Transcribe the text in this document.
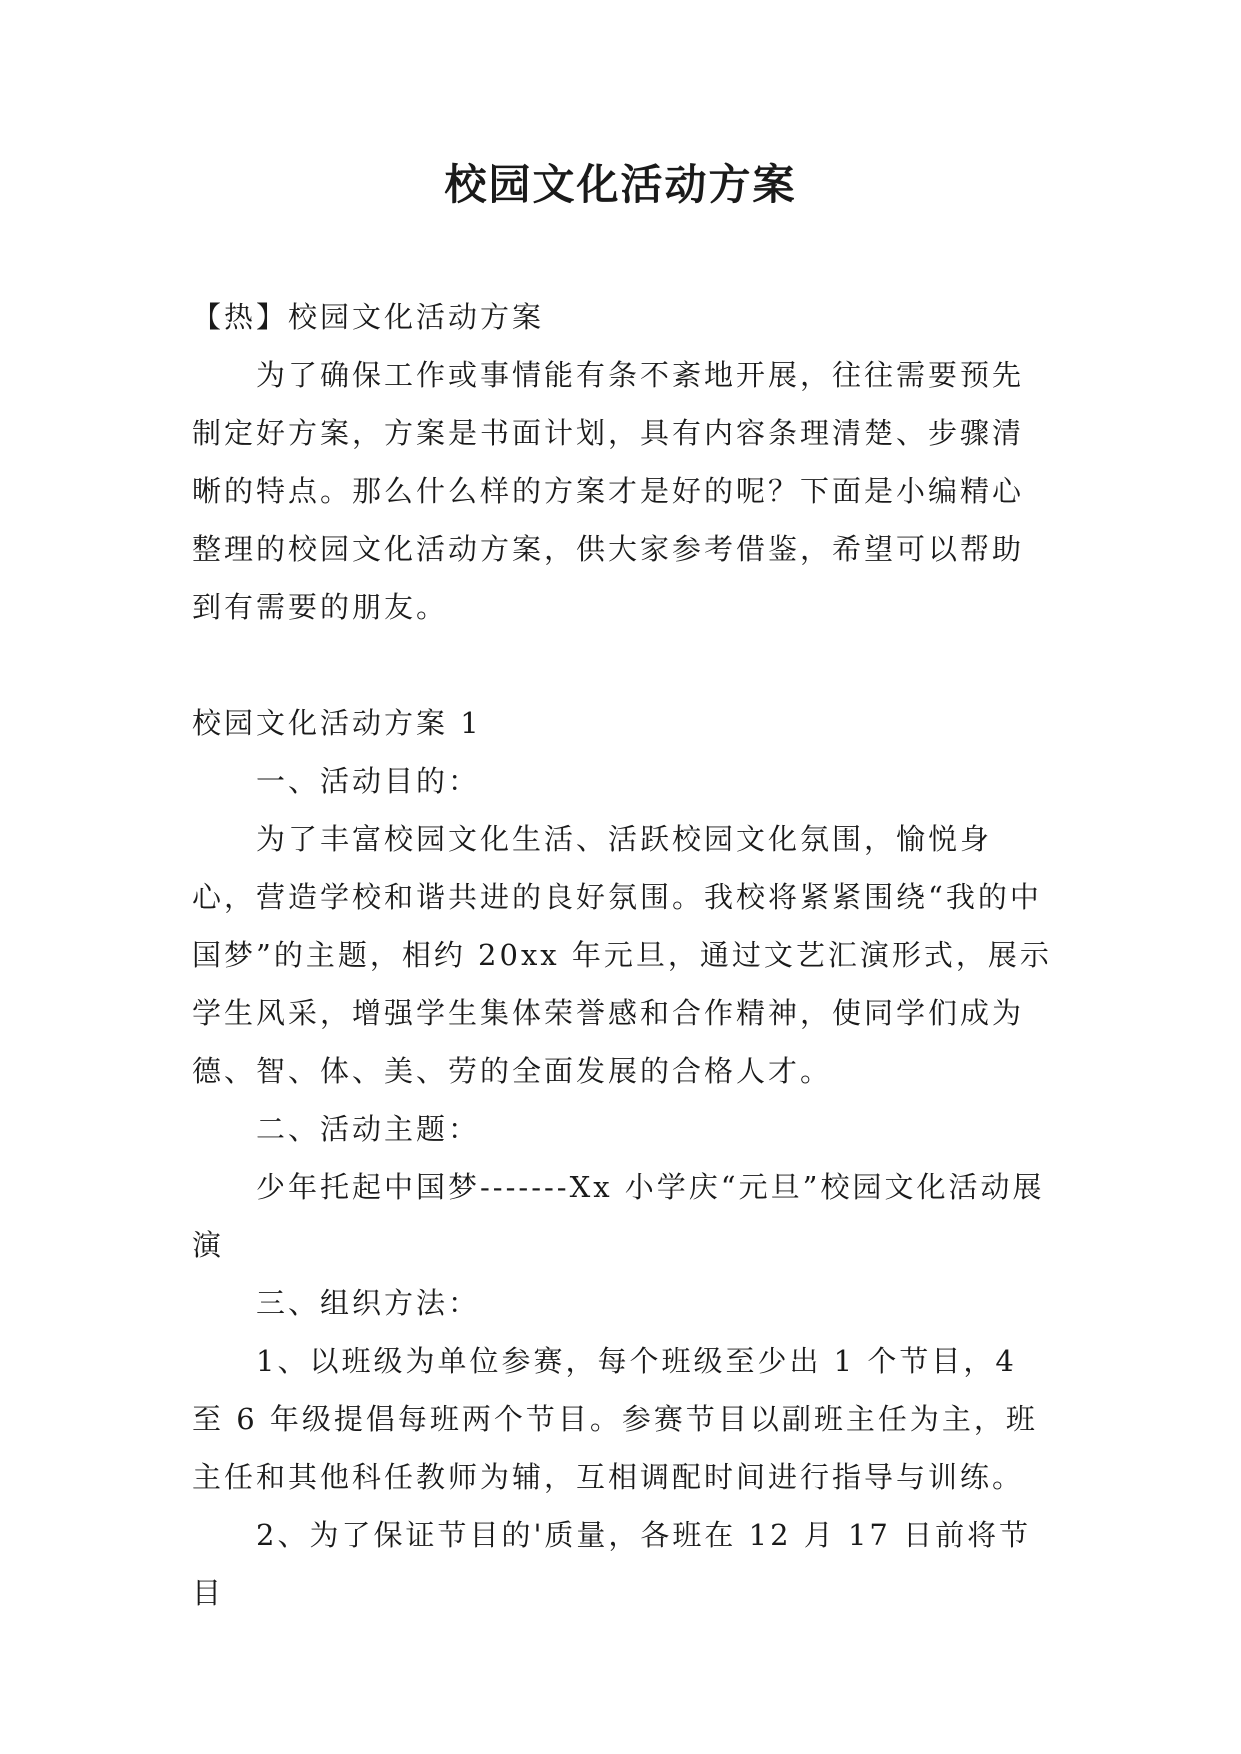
校园文化活动方案

【热】校园文化活动方案

为了确保工作或事情能有条不紊地开展，往往需要预先制定好方案，方案是书面计划，具有内容条理清楚、步骤清晰的特点。那么什么样的方案才是好的呢？下面是小编精心整理的校园文化活动方案，供大家参考借鉴，希望可以帮助到有需要的朋友。

校园文化活动方案 1

一、活动目的：

为了丰富校园文化生活、活跃校园文化氛围，愉悦身心，营造学校和谐共进的良好氛围。我校将紧紧围绕“我的中国梦”的主题，相约 20xx 年元旦，通过文艺汇演形式，展示学生风采，增强学生集体荣誉感和合作精神，使同学们成为德、智、体、美、劳的全面发展的合格人才。

二、活动主题：

少年托起中国梦-------Xx 小学庆“元旦”校园文化活动展演

三、组织方法：

1、以班级为单位参赛，每个班级至少出 1 个节目，4 至 6 年级提倡每班两个节目。参赛节目以副班主任为主，班主任和其他科任教师为辅，互相调配时间进行指导与训练。

2、为了保证节目的'质量，各班在 12 月 17 日前将节目
